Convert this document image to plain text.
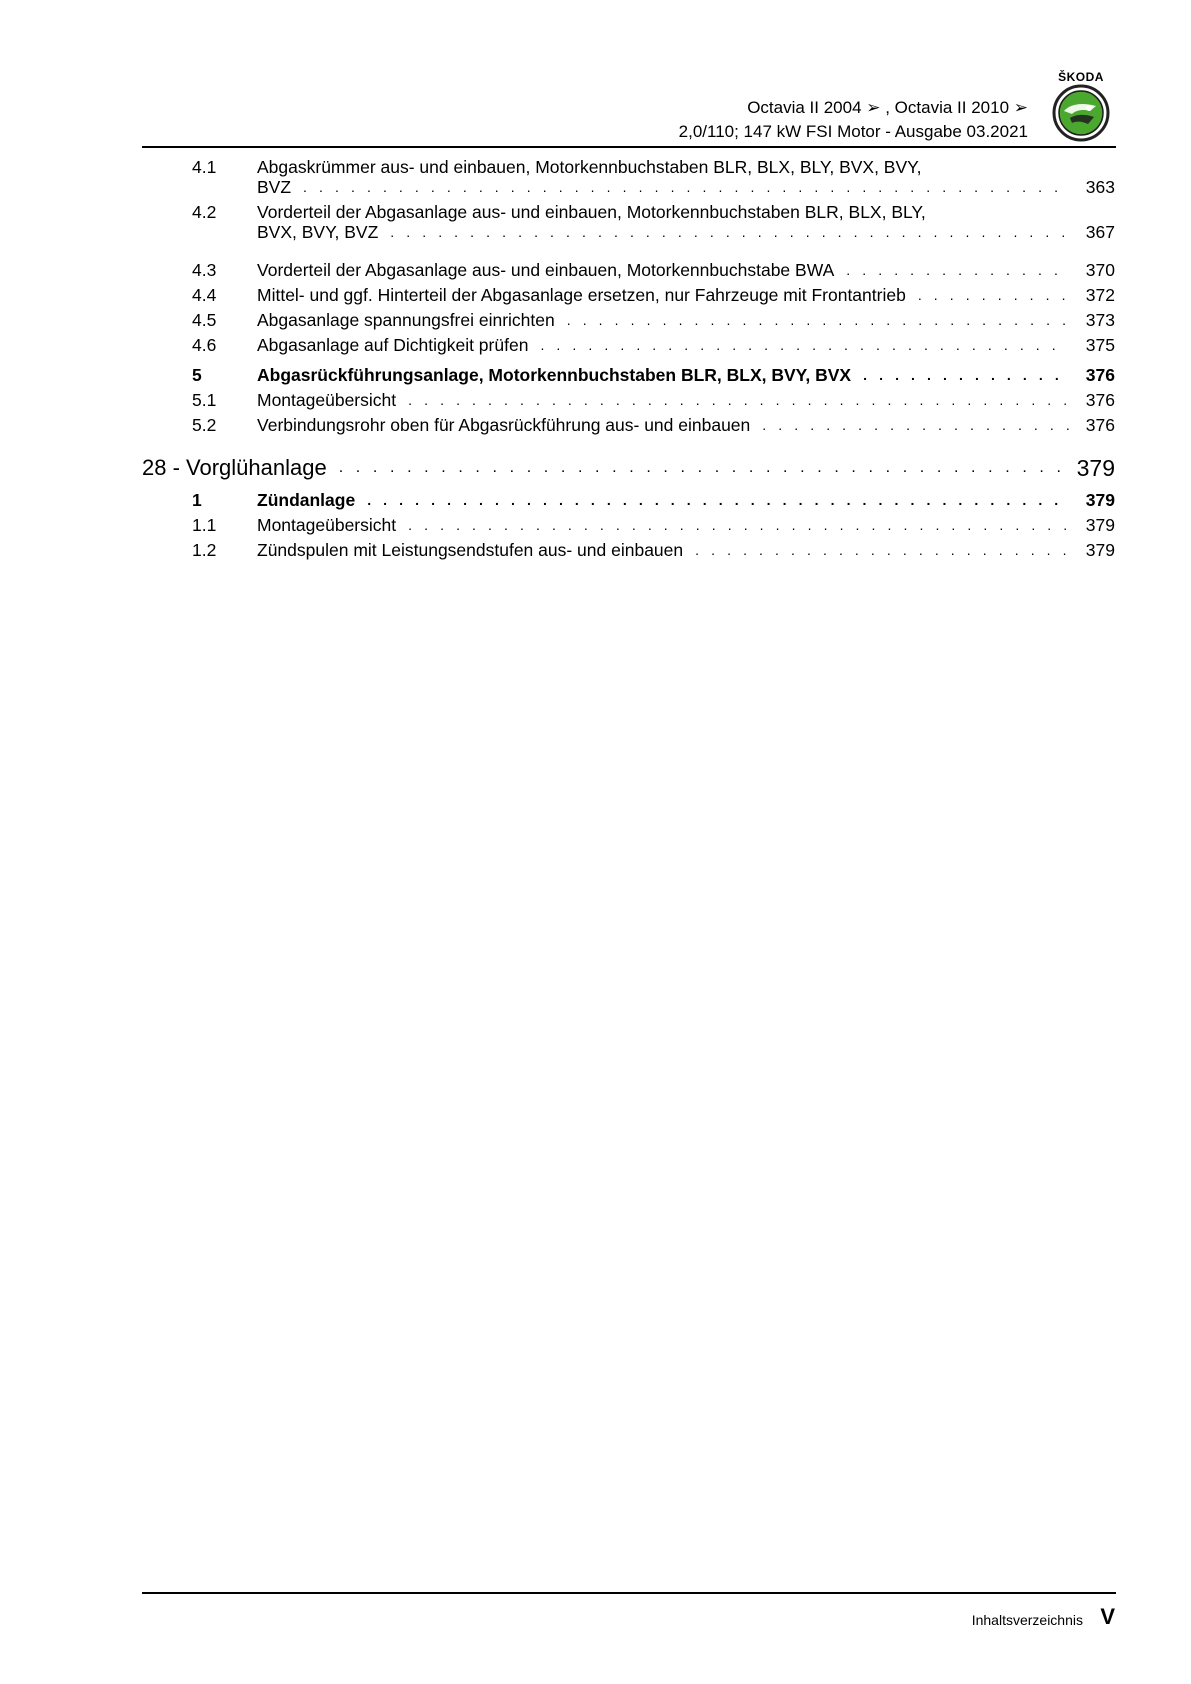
Octavia II 2004 ➢ , Octavia II 2010 ➢
2,0/110; 147 kW FSI Motor - Ausgabe 03.2021
ŠKODA
4.1 Abgaskrümmer aus- und einbauen, Motorkennbuchstaben BLR, BLX, BLY, BVX, BVY,
BVZ . . .	363
4.2 Vorderteil der Abgasanlage aus- und einbauen, Motorkennbuchstaben BLR, BLX, BLY,
BVX, BVY, BVZ . . .	367
4.3 Vorderteil der Abgasanlage aus- und einbauen, Motorkennbuchstabe BWA . . .	370
4.4 Mittel- und ggf. Hinterteil der Abgasanlage ersetzen, nur Fahrzeuge mit Frontantrieb . . .	372
4.5 Abgasanlage spannungsfrei einrichten . . .	373
4.6 Abgasanlage auf Dichtigkeit prüfen . . .	375
5	Abgasrückführungsanlage, Motorkennbuchstaben BLR, BLX, BVY, BVX . . .	376
5.1 Montageübersicht . . .	376
5.2 Verbindungsrohr oben für Abgasrückführung aus- und einbauen . . .	376
28 - Vorglühanlage . . .	379
1	Zündanlage . . .	379
1.1 Montageübersicht . . .	379
1.2 Zündspulen mit Leistungsendstufen aus- und einbauen . . .	379
Inhaltsverzeichnis V
